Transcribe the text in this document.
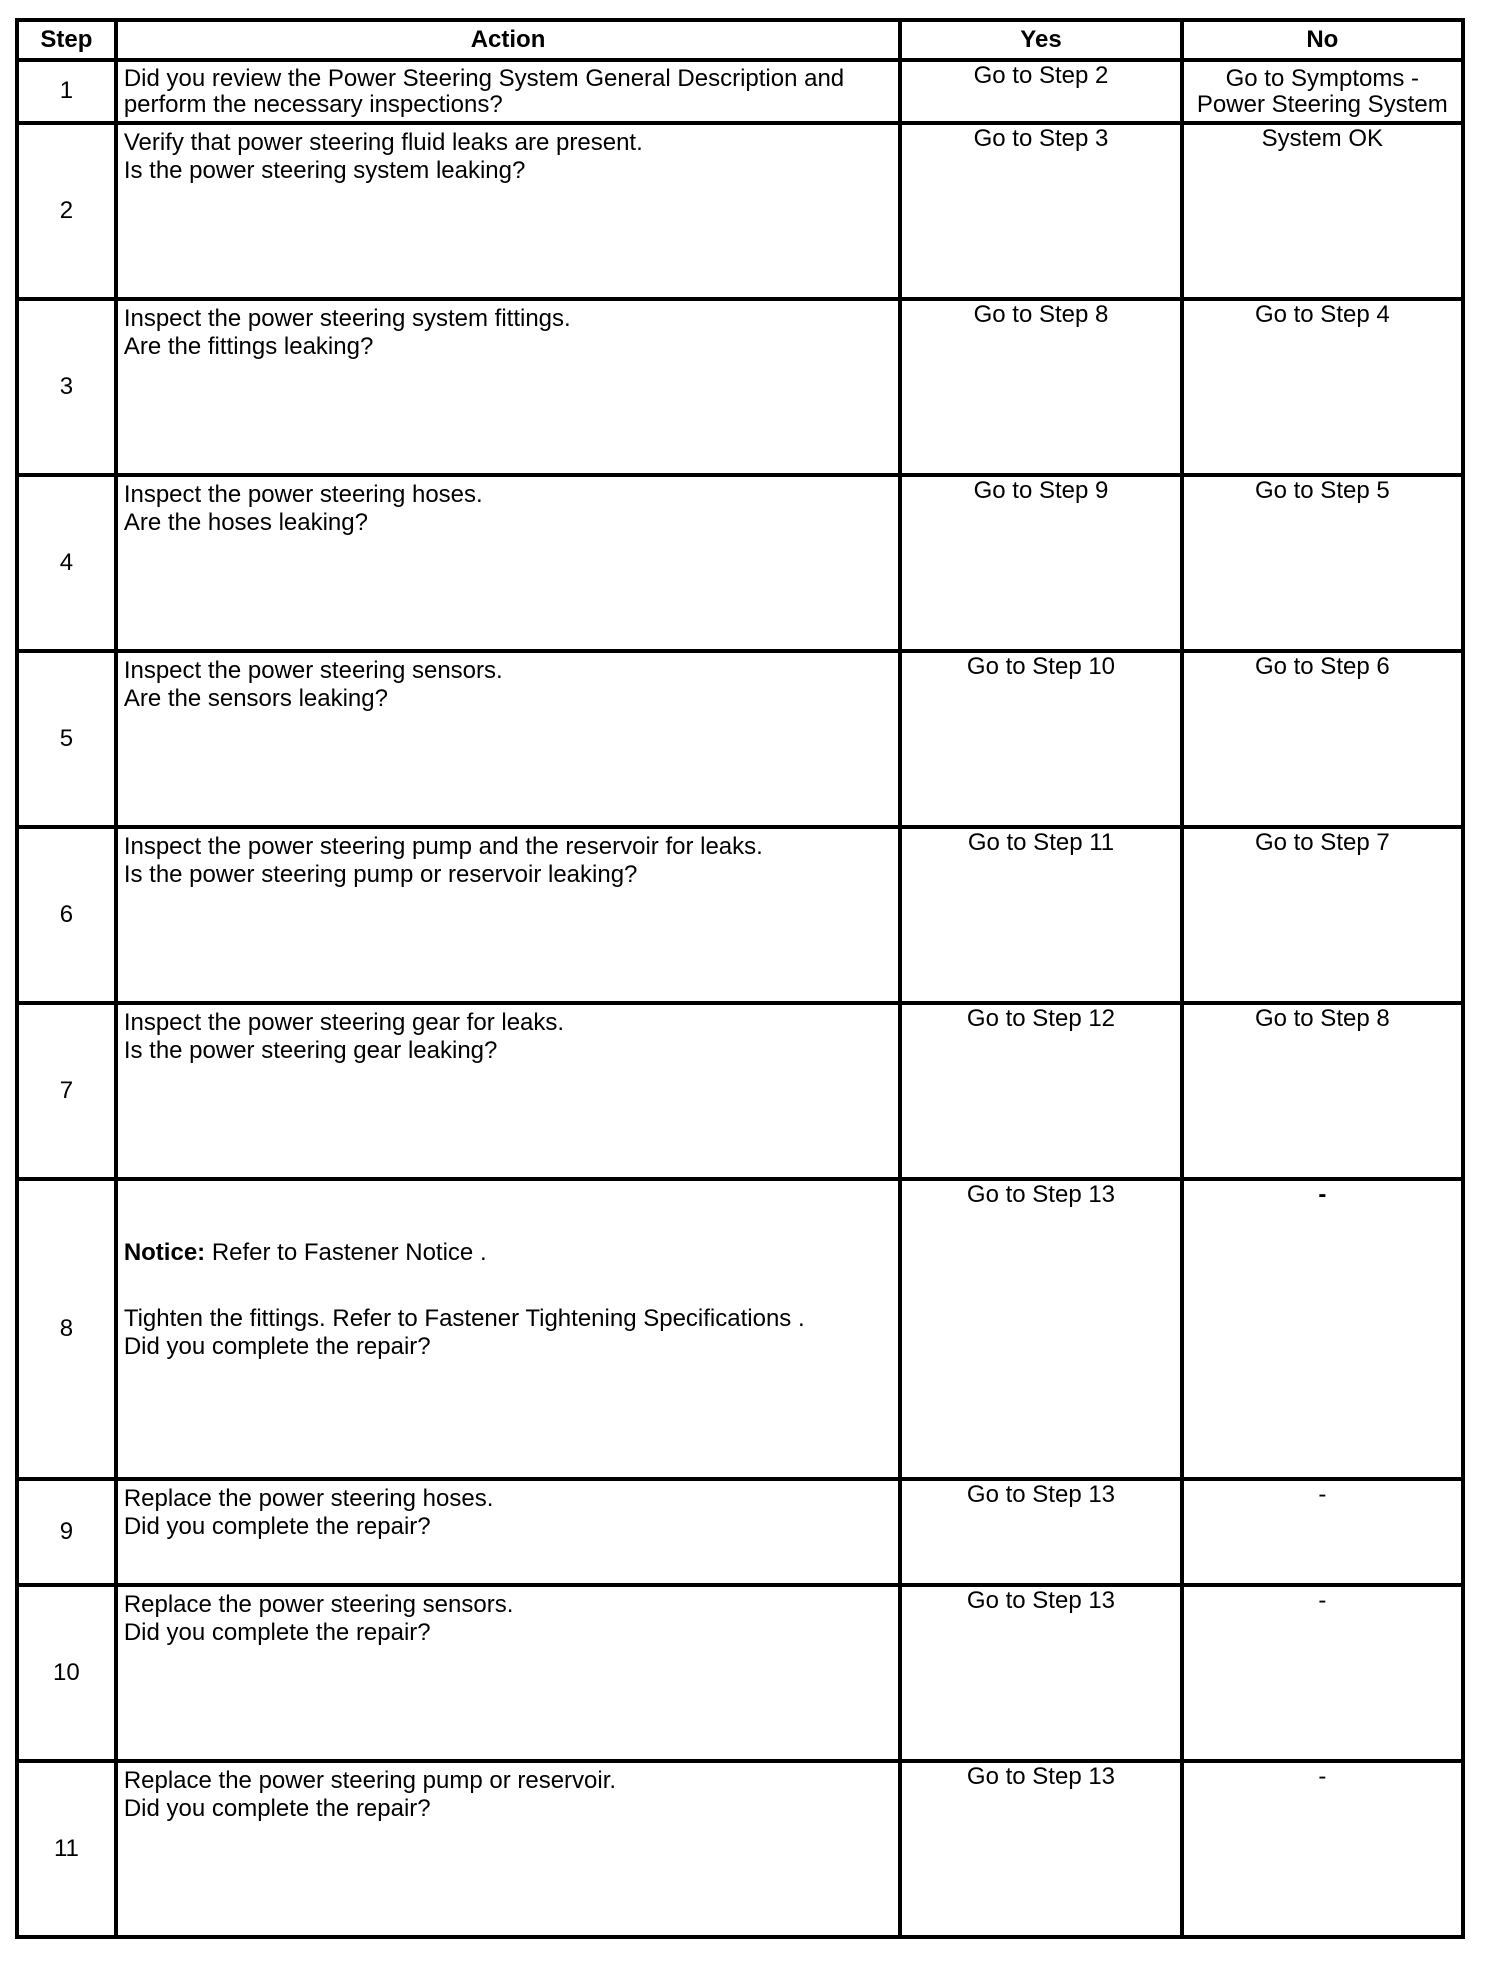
Step	Action	Yes	No
1	Did you review the Power Steering System General Description and
perform the necessary inspections?	Go to Step 2	Go to Symptoms -
Power Steering System

2	Verify that power steering fluid leaks are present.
Is the power steering system leaking?	Go to Step 3	System OK

3	Inspect the power steering system fittings.
Are the fittings leaking?	Go to Step 8	Go to Step 4

4	Inspect the power steering hoses.
Are the hoses leaking?	Go to Step 9	Go to Step 5

5	Inspect the power steering sensors.
Are the sensors leaking?	Go to Step 10	Go to Step 6

6	Inspect the power steering pump and the reservoir for leaks.
Is the power steering pump or reservoir leaking?	Go to Step 11	Go to Step 7

7	Inspect the power steering gear for leaks.
Is the power steering gear leaking?	Go to Step 12	Go to Step 8

8	Notice: Refer to Fastener Notice .
Tighten the fittings. Refer to Fastener Tightening Specifications .
Did you complete the repair?	Go to Step 13	-

9	Replace the power steering hoses.
Did you complete the repair?	Go to Step 13	-

10	Replace the power steering sensors.
Did you complete the repair?	Go to Step 13	-

11	Replace the power steering pump or reservoir.
Did you complete the repair?	Go to Step 13	-
